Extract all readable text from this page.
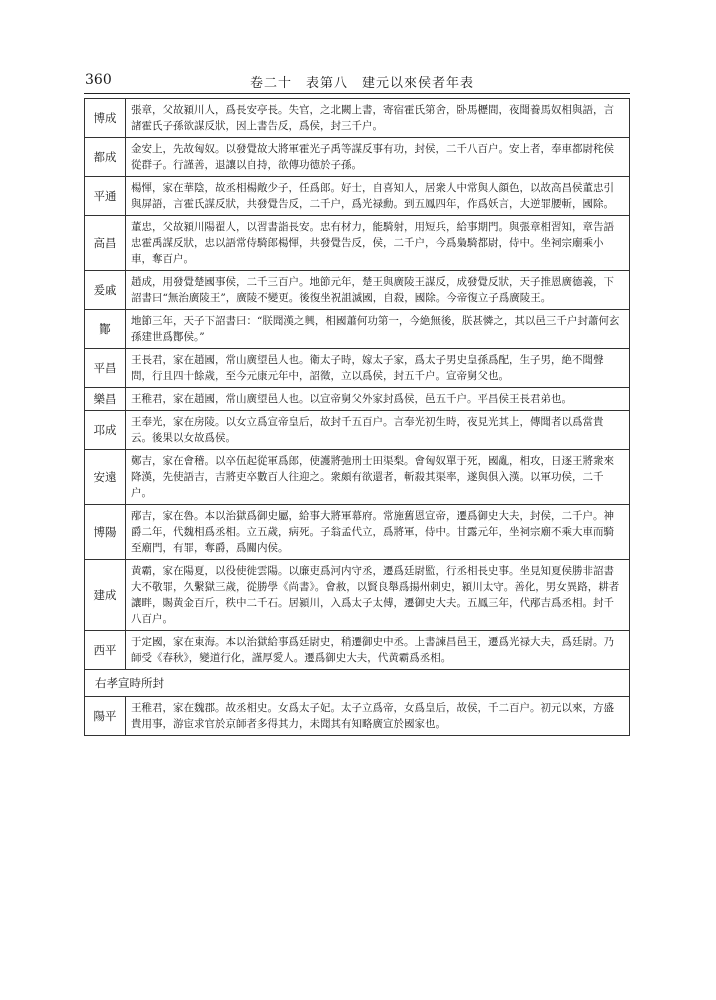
360	卷二十　表第八　建元以來侯者年表
博成	張章，父故潁川人，爲長安亭長。失官，之北闕上書，寄宿霍氏第舍，卧馬櫪間，夜聞養馬奴相與語，言諸霍氏子孫欲謀反狀，因上書告反，爲侯，封三千户。
都成	金安上，先故匈奴。以發覺故大將軍霍光子禹等謀反事有功，封侯，二千八百户。安上者，奉車都尉秺侯從群子。行謹善，退讓以自持，欲傳功德於子孫。
平通	楊惲，家在華陰，故丞相楊敞少子，任爲郎。好士，自喜知人，居衆人中常與人顔色，以故高昌侯董忠引與屏語，言霍氏謀反狀，共發覺告反，二千户，爲光禄勳。到五鳳四年，作爲妖言，大逆罪腰斬，國除。
高昌	董忠，父故潁川陽翟人，以習書詣長安。忠有材力，能騎射，用短兵，給事期門。與張章相習知，章告語忠霍禹謀反狀，忠以語常侍騎郎楊惲，共發覺告反，侯，二千户，今爲梟騎都尉，侍中。坐祠宗廟乘小車，奪百户。
爰戚	趙成，用發覺楚國事侯，二千三百户。地節元年，楚王與廣陵王謀反，成發覺反狀，天子推恩廣德義，下詔書曰“無治廣陵王”，廣陵不變更。後復坐祝詛滅國，自殺，國除。今帝復立子爲廣陵王。
酇	地節三年，天子下詔書曰：“朕聞漢之興，相國蕭何功第一，今絶無後，朕甚憐之，其以邑三千户封蕭何玄孫建世爲酇侯。”
平昌	王長君，家在趙國，常山廣望邑人也。衛太子時，嫁太子家，爲太子男史皇孫爲配，生子男，絶不聞聲問，行且四十餘歲，至今元康元年中，詔徵，立以爲侯，封五千户。宣帝舅父也。
樂昌	王稚君，家在趙國，常山廣望邑人也。以宣帝舅父外家封爲侯，邑五千户。平昌侯王長君弟也。
邛成	王奉光，家在房陵。以女立爲宣帝皇后，故封千五百户。言奉光初生時，夜見光其上，傳聞者以爲當貴云。後果以女故爲侯。
安遠	鄭吉，家在會稽。以卒伍起從軍爲郎，使護將弛刑士田渠梨。會匈奴單于死，國亂，相攻，日逐王將衆來降漢，先使語吉，吉將吏卒數百人往迎之。衆頗有欲還者，斬殺其渠率，遂與俱入漢。以軍功侯，二千户。
博陽	邴吉，家在魯。本以治獄爲御史屬，給事大將軍幕府。常施舊恩宣帝，遷爲御史大夫，封侯，二千户。神爵二年，代魏相爲丞相。立五歲，病死。子翁孟代立，爲將軍，侍中。甘露元年，坐祠宗廟不乘大車而騎至廟門，有罪，奪爵，爲關内侯。
建成	黄霸，家在陽夏，以役使徙雲陽。以廉吏爲河内守丞，遷爲廷尉監，行丞相長史事。坐見知夏侯勝非詔書大不敬罪，久繫獄三歲，從勝學《尚書》。會赦，以賢良舉爲揚州刺史，潁川太守。善化，男女異路，耕者讓畔，賜黄金百斤，秩中二千石。居潁川，入爲太子太傅，遷御史大夫。五鳳三年，代邴吉爲丞相。封千八百户。
西平	于定國，家在東海。本以治獄給事爲廷尉史，稍遷御史中丞。上書諫昌邑王，遷爲光禄大夫，爲廷尉。乃師受《春秋》，變道行化，謹厚愛人。遷爲御史大夫，代黄霸爲丞相。
右孝宣時所封	
陽平	王稚君，家在魏郡。故丞相史。女爲太子妃。太子立爲帝，女爲皇后，故侯，千二百户。初元以來，方盛貴用事，游宦求官於京師者多得其力，未聞其有知略廣宣於國家也。
